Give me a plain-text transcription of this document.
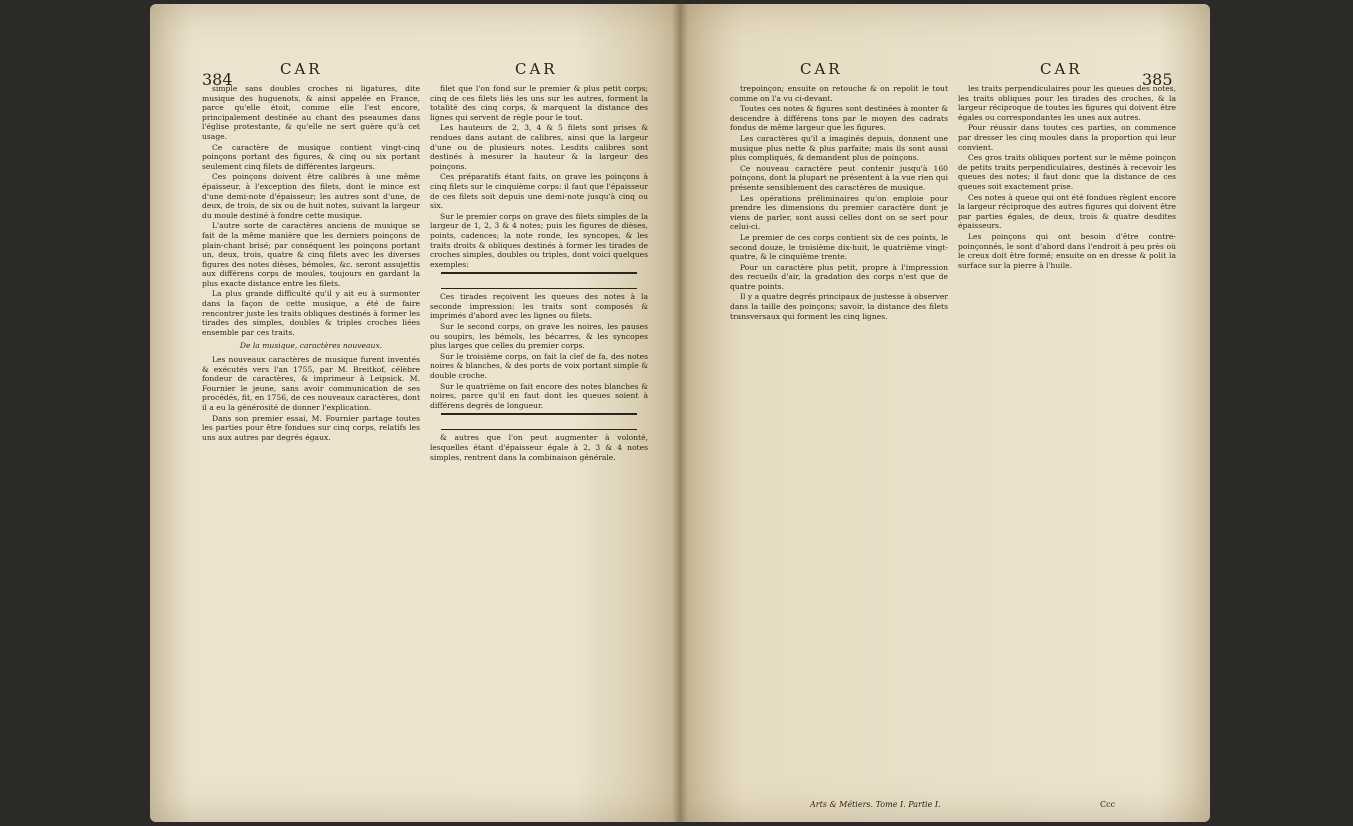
384
CAR	CAR

simple sans doubles croches ni ligatures, dite musique des huguenots, & ainsi appelée en France, parce qu'elle étoit, comme elle l'est encore, principalement destinée au chant des pseaumes dans l'église protestante, & qu'elle ne sert guère qu'à cet usage.

Ce caractère de musique contient vingt-cinq poinçons portant des figures, & cinq ou six portant seulement cinq filets de différentes largeurs.

Ces poinçons doivent être calibrés à une même épaisseur, à l'exception des filets, dont le mince est d'une demi-note d'épaisseur; les autres sont d'une, de deux, de trois, de six ou de huit notes, suivant la largeur du moule destiné à fondre cette musique.

L'autre sorte de caractères anciens de musique se fait de la même manière que les derniers poinçons de plain-chant brisé; par conséquent les poinçons portant un, deux, trois, quatre & cinq filets avec les diverses figures des notes dièses, bémoles, &c. seront assujettis aux différens corps de moules, toujours en gardant la plus exacte distance entre les filets.

La plus grande difficulté qu'il y ait eu à surmonter dans la façon de cette musique, a été de faire rencontrer juste les traits obliques destinés à former les tirades des simples, doubles & triples croches liées ensemble par ces traits.

De la musique, caractères nouveaux.

Les nouveaux caractères de musique furent inventés & exécutés vers l'an 1755, par M. Breitkof, célèbre fondeur de caractères, & imprimeur à Leipsick. M. Fournier le jeune, sans avoir communication de ses procédés, fit, en 1756, de ces nouveaux caractères, dont il a eu la générosité de donner l'explication.

Dans son premier essai, M. Fournier partage toutes les parties pour être fondues sur cinq corps, relatifs les uns aux autres par degrés égaux.

filet que l'on fond sur le premier & plus petit corps; cinq de ces filets liés les uns sur les autres, forment la totalité des cinq corps, & marquent la distance des lignes qui servent de règle pour le tout.

Les hauteurs de 2, 3, 4 & 5 filets sont prises & rendues dans autant de calibres, ainsi que la largeur d'une ou de plusieurs notes. Lesdits calibres sont destinés à mesurer la hauteur & la largeur des poinçons.

Ces préparatifs étant faits, on grave les poinçons à cinq filets sur le cinquième corps: il faut que l'épaisseur de ces filets soit depuis une demi-note jusqu'à cinq ou six.

Sur le premier corps on grave des filets simples de la largeur de 1, 2, 3 & 4 notes; puis les figures de dièses, points, cadences; la note ronde, les syncopes, & les traits droits & obliques destinés à former les tirades de croches simples, doubles ou triples, dont voici quelques exemples:

Ces tirades reçoivent les queues des notes à la seconde impression: les traits sont composés & imprimés d'abord avec les lignes ou filets.

Sur le second corps, on grave les noires, les pauses ou soupirs, les bémols, les bécarres, & les syncopes plus larges que celles du premier corps.

Sur le troisième corps, on fait la clef de fa, des notes noires & blanches, & des ports de voix portant simple & double croche.

Sur le quatrième on fait encore des notes blanches & noires, parce qu'il en faut dont les queues soient à différens degrés de longueur.

& autres que l'on peut augmenter à volonté, lesquelles étant d'épaisseur égale à 2, 3 & 4 notes simples, rentrent dans la combinaison générale.

CAR	CAR
385

trepoinçon; ensuite on retouche & on repolit le tout comme on l'a vu ci-devant.

Toutes ces notes & figures sont destinées à monter & descendre à différens tons par le moyen des cadrats fondus de même largeur que les figures.

Les caractères qu'il a imaginés depuis, donnent une musique plus nette & plus parfaite; mais ils sont aussi plus compliqués, & demandent plus de poinçons.

Ce nouveau caractère peut contenir jusqu'à 160 poinçons, dont la plupart ne présentent à la vue rien qui présente sensiblement des caractères de musique.

Les opérations préliminaires qu'on emploie pour prendre les dimensions du premier caractère dont je viens de parler, sont aussi celles dont on se sert pour celui-ci.

Le premier de ces corps contient six de ces points, le second douze, le troisième dix-huit, le quatrième vingt-quatre, & le cinquième trente.

Pour un caractère plus petit, propre à l'impression des recueils d'air, la gradation des corps n'est que de quatre points.

Il y a quatre degrés principaux de justesse à observer dans la taille des poinçons; savoir, la distance des filets transversaux qui forment les cinq lignes.

les traits perpendiculaires pour les queues des notes, les traits obliques pour les tirades des croches, & la largeur réciproque de toutes les figures qui doivent être égales ou correspondantes les unes aux autres.

Pour réussir dans toutes ces parties, on commence par dresser les cinq moules dans la proportion qui leur convient.

Ces gros traits obliques portent sur le même poinçon de petits traits perpendiculaires, destinés à recevoir les queues des notes; il faut donc que la distance de ces queues soit exactement prise.

Ces notes à queue qui ont été fondues règlent encore la largeur réciproque des autres figures qui doivent être par parties égales, de deux, trois & quatre desdites épaisseurs.

Les poinçons qui ont besoin d'être contre-poinçonnés, le sont d'abord dans l'endroit à peu près où le creux doit être formé; ensuite on en dresse & polit la surface sur la pierre à l'huile.

Arts & Métiers. Tome I. Partie I.	Ccc
